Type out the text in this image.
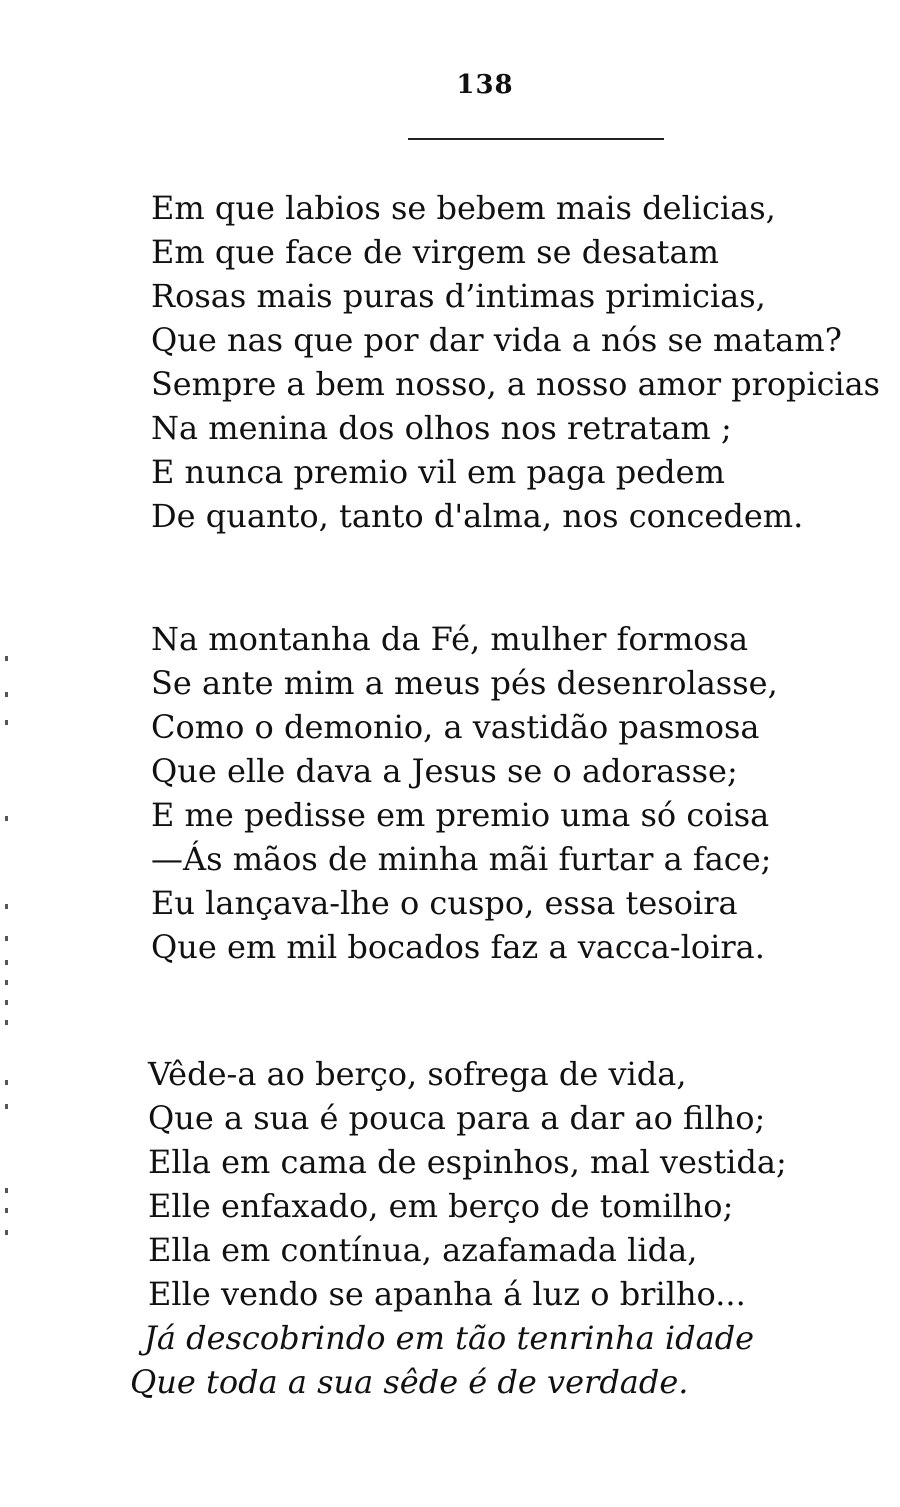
138
Em que labios se bebem mais delicias,
Em que face de virgem se desatam
Rosas mais puras d’intimas primicias,
Que nas que por dar vida a nós se matam?
Sempre a bem nosso, a nosso amor propicias
Na menina dos olhos nos retratam ;
E nunca premio vil em paga pedem
De quanto, tanto d'alma, nos concedem.
Na montanha da Fé, mulher formosa
Se ante mim a meus pés desenrolasse,
Como o demonio, a vastidão pasmosa
Que elle dava a Jesus se o adorasse;
E me pedisse em premio uma só coisa
—Ás mãos de minha mãi furtar a face;
Eu lançava-lhe o cuspo, essa tesoira
Que em mil bocados faz a vacca-loira.
Vêde-a ao berço, sofrega de vida,
Que a sua é pouca para a dar ao filho;
Ella em cama de espinhos, mal vestida;
Elle enfaxado, em berço de tomilho;
Ella em contínua, azafamada lida,
Elle vendo se apanha á luz o brilho...
Já descobrindo em tão tenrinha idade
Que toda a sua sêde é de verdade.
